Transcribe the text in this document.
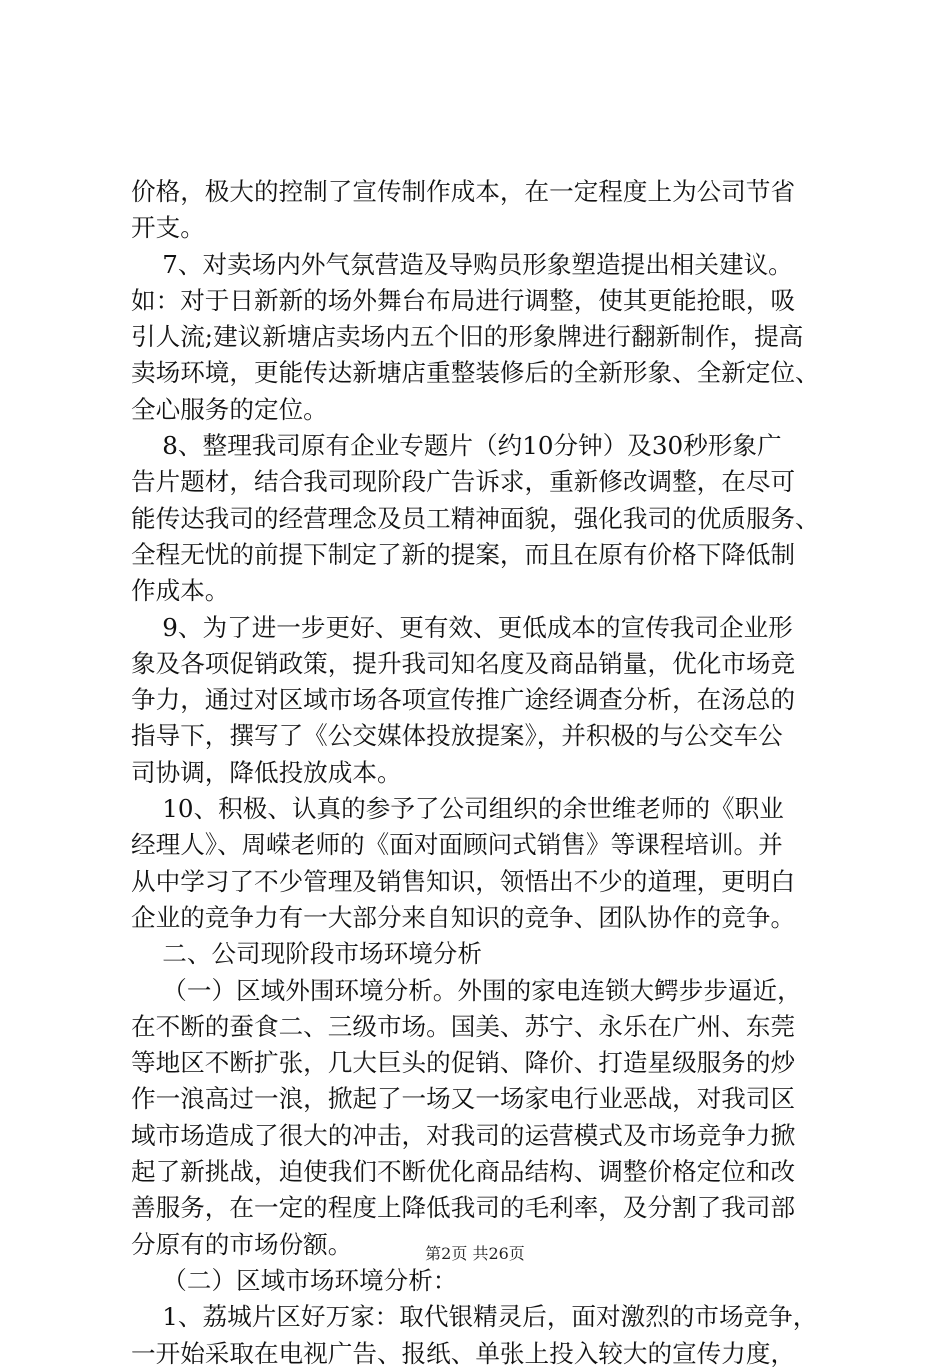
价格，极大的控制了宣传制作成本，在一定程度上为公司节省
开支。
7、对卖场内外气氛营造及导购员形象塑造提出相关建议。
如：对于日新新的场外舞台布局进行调整，使其更能抢眼，吸
引人流;建议新塘店卖场内五个旧的形象牌进行翻新制作，提高
卖场环境，更能传达新塘店重整装修后的全新形象、全新定位、
全心服务的定位。
8、整理我司原有企业专题片（约10分钟）及30秒形象广
告片题材，结合我司现阶段广告诉求，重新修改调整，在尽可
能传达我司的经营理念及员工精神面貌，强化我司的优质服务、
全程无忧的前提下制定了新的提案，而且在原有价格下降低制
作成本。
9、为了进一步更好、更有效、更低成本的宣传我司企业形
象及各项促销政策，提升我司知名度及商品销量，优化市场竞
争力，通过对区域市场各项宣传推广途经调查分析，在汤总的
指导下，撰写了《公交媒体投放提案》，并积极的与公交车公
司协调，降低投放成本。
10、积极、认真的参予了公司组织的余世维老师的《职业
经理人》、周嵘老师的《面对面顾问式销售》等课程培训。并
从中学习了不少管理及销售知识，领悟出不少的道理，更明白
企业的竞争力有一大部分来自知识的竞争、团队协作的竞争。
二、公司现阶段市场环境分析
（一）区域外围环境分析。外围的家电连锁大鳄步步逼近，
在不断的蚕食二、三级市场。国美、苏宁、永乐在广州、东莞
等地区不断扩张，几大巨头的促销、降价、打造星级服务的炒
作一浪高过一浪，掀起了一场又一场家电行业恶战，对我司区
域市场造成了很大的冲击，对我司的运营模式及市场竞争力掀
起了新挑战，迫使我们不断优化商品结构、调整价格定位和改
善服务，在一定的程度上降低我司的毛利率，及分割了我司部
分原有的市场份额。
（二）区域市场环境分析：
1、荔城片区好万家：取代银精灵后，面对激烈的市场竞争，
一开始采取在电视广告、报纸、单张上投入较大的宣传力度，
第2页 共26页
